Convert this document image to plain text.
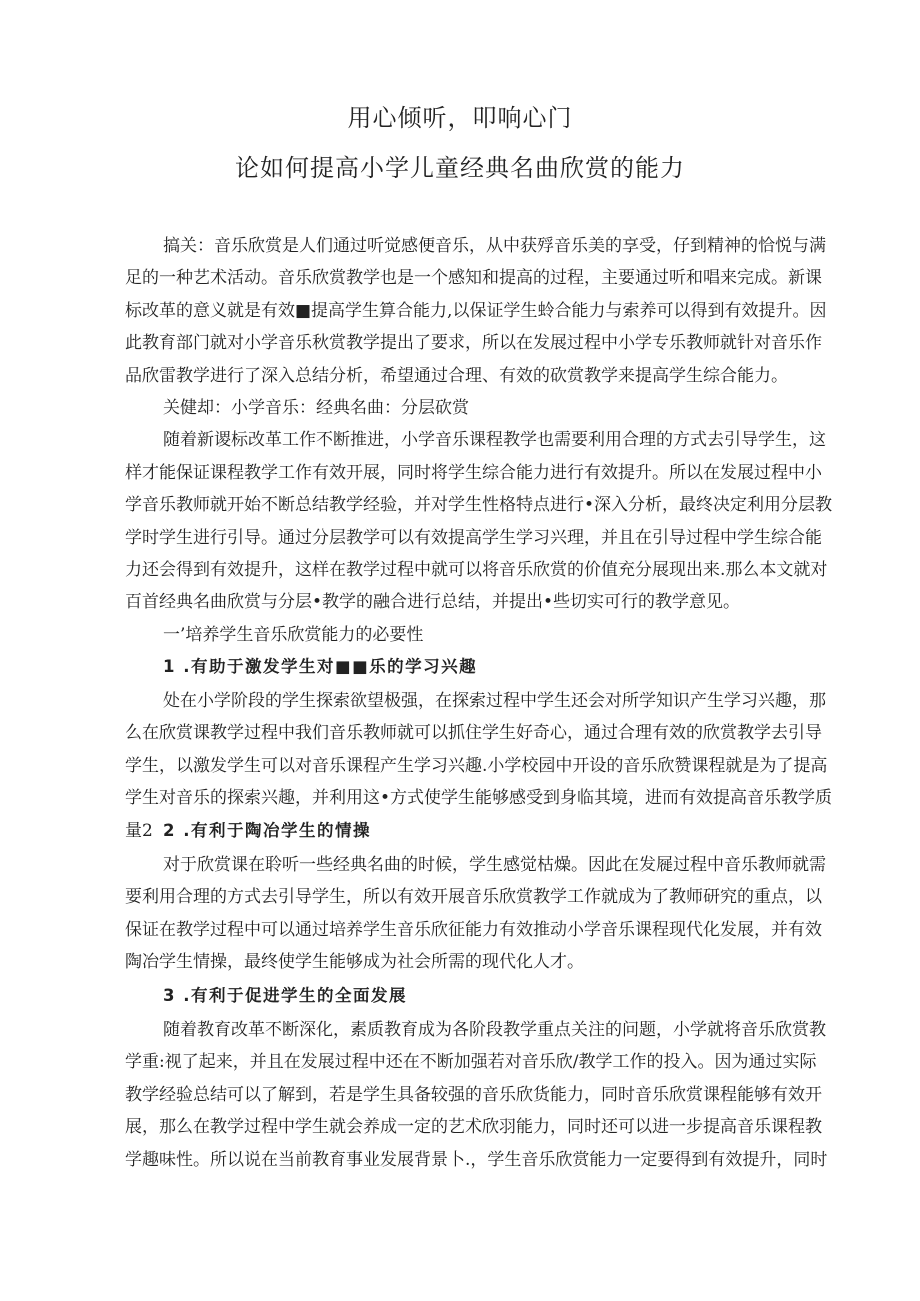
用心倾听，叩响心门
论如何提高小学儿童经典名曲欣赏的能力
搞关：音乐欣赏是人们通过听觉感便音乐，从中获殍音乐美的享受，仔到精神的恰悦与满
足的一种艺术活动。音乐欣赏教学也是一个感知和提高的过程，主要通过听和唱来完成。新课
标改革的意义就是有效■提高学生算合能力,以保证学生蛉合能力与索养可以得到有效提升。因
此教育部门就对小学音乐秋赏教学提出了要求，所以在发展过程中小学专乐教师就针对音乐作
品欣雷教学进行了深入总结分析，希望通过合理、有效的砍赏教学来提高学生综合能力。
关健却：小学音乐：经典名曲：分层砍赏
随着新谡标改革工作不断推进，小学音乐课程教学也需要利用合理的方式去引导学生，这
样才能保证课程教学工作有效开展，同时将学生综合能力进行有效提升。所以在发展过程中小
学音乐教师就开始不断总结教学经验，并对学生性格特点进行•深入分析，最终决定利用分层教
学时学生进行引导。通过分层教学可以有效提高学生学习兴理，并且在引导过程中学生综合能
力还会得到有效提升，这样在教学过程中就可以将音乐欣赏的价值充分展现出来.那么本文就对
百首经典名曲欣赏与分层•教学的融合进行总结，并提出•些切实可行的教学意见。
一’培养学生音乐欣赏能力的必要性
1 .有助于激发学生对■■乐的学习兴趣
处在小学阶段的学生探索欲望极强，在探索过程中学生还会对所学知识产生学习兴趣，那
么在欣赏课教学过程中我们音乐教师就可以抓住学生好奇心，通过合理有效的欣赏教学去引导
学生，以激发学生可以对音乐课程产生学习兴趣.小学校园中开设的音乐欣赞课程就是为了提高
学生对音乐的探索兴趣，并利用这•方式使学生能够感受到身临其境，进而有效提高音乐教学质
量2 2 .有利于陶冶学生的情操
对于欣赏课在聆听一些经典名曲的时候，学生感觉枯燥。因此在发屣过程中音乐教师就需
要利用合理的方式去引导学生，所以有效开展音乐欣赏教学工作就成为了教师研究的重点，以
保证在教学过程中可以通过培养学生音乐欣征能力有效推动小学音乐课程现代化发展，并有效
陶冶学生情操，最终使学生能够成为社会所需的现代化人才。
3 .有利于促进学生的全面发展
随着教育改革不断深化，素质教育成为各阶段教学重点关注的问题，小学就将音乐欣赏教
学重:视了起来，并且在发展过程中还在不断加强若对音乐欣/教学工作的投入。因为通过实际
教学经验总结可以了解到，若是学生具备较强的音乐欣货能力，同时音乐欣赏课程能够有效开
展，那么在教学过程中学生就会养成一定的艺术欣羽能力，同时还可以进一步提高音乐课程教
学趣味性。所以说在当前教育事业发展背景卜.，学生音乐欣赏能力一定要得到有效提升，同时
